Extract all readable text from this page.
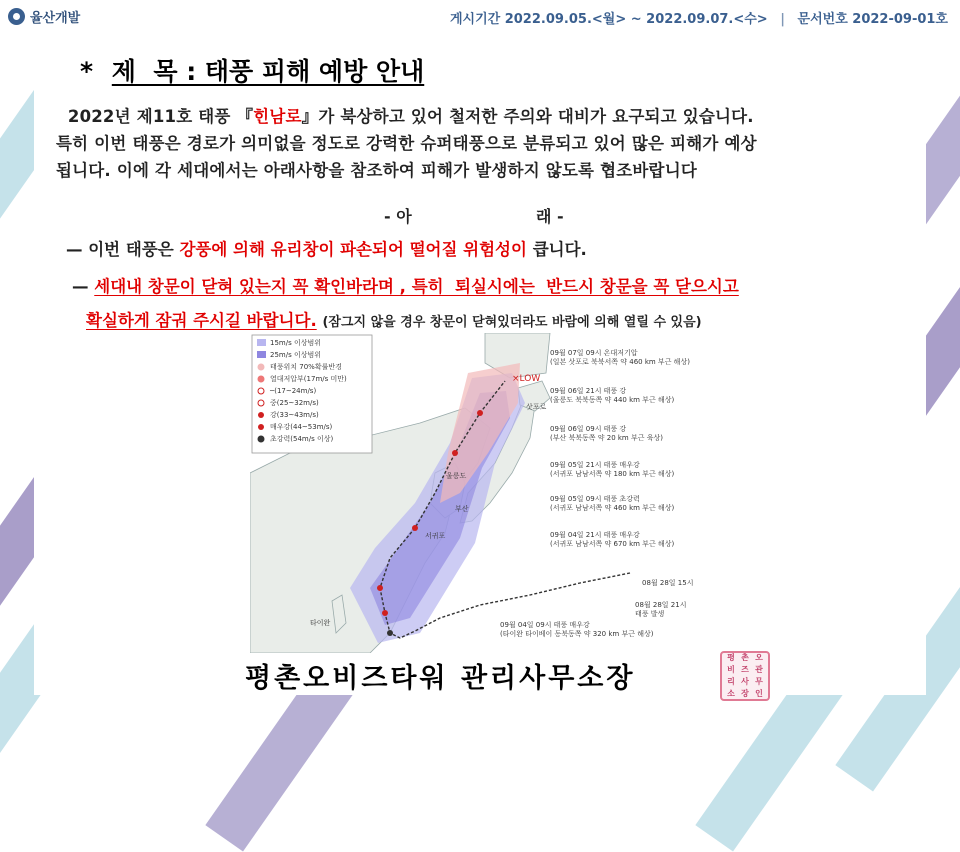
율산개발	게시기간 2022.09.05.<월> ~ 2022.09.07.<수> | 문서번호 2022-09-01호
* 제  목 : 태풍 피해 예방 안내

2022년 제11호 태풍 『힌남로』가 북상하고 있어 철저한 주의와 대비가 요구되고 있습니다.

특히 이번 태풍은 경로가 의미없을 정도로 강력한 슈퍼태풍으로 분류되고 있어 많은 피해가 예상

됩니다. 이에 각 세대에서는 아래사항을 참조하여 피해가 발생하지 않도록 협조바랍니다

- 아	래 -
— 이번 태풍은 강풍에 의해 유리창이 파손되어 떨어질 위험성이 큽니다.
— 세대내 창문이 닫혀 있는지 꼭 확인바라며 , 특히  퇴실시에는  반드시 창문을 꼭 닫으시고
확실하게 잠궈 주시길 바랍니다. (잠그지 않을 경우 창문이 닫혀있더라도 바람에 의해 열릴 수 있음)
×LOW
삿포로
울릉도
부산
서귀포
타이완
15m/s 이상범위
25m/s 이상범위
태풍위치 70%확률반경
열대저압부(17m/s 미만)
─(17~24m/s)
중(25~32m/s)
강(33~43m/s)
매우강(44~53m/s)
초강력(54m/s 이상)
09월 07일 09시 온대저기압
(일본 삿포로 북북서쪽 약 460 km 부근 해상)
09월 06일 21시 태풍 강
(울릉도 북북동쪽 약 440 km 부근 해상)
09월 06일 09시 태풍 강
(부산 북북동쪽 약 20 km 부근 육상)
09월 05일 21시 태풍 매우강
(서귀포 남남서쪽 약 180 km 부근 해상)
09월 05일 09시 태풍 초강력
(서귀포 남남서쪽 약 460 km 부근 해상)
09월 04일 21시 태풍 매우강
(서귀포 남남서쪽 약 670 km 부근 해상)
08월 28일 15시
08월 28일 21시
태풍 발생
09월 04일 09시 태풍 매우강
(타이완 타이베이 동북동쪽 약 320 km 부근 해상)
평촌오비즈타워 관리사무소장
평 촌 오
비 즈 관
리 사 무
소 장 인
